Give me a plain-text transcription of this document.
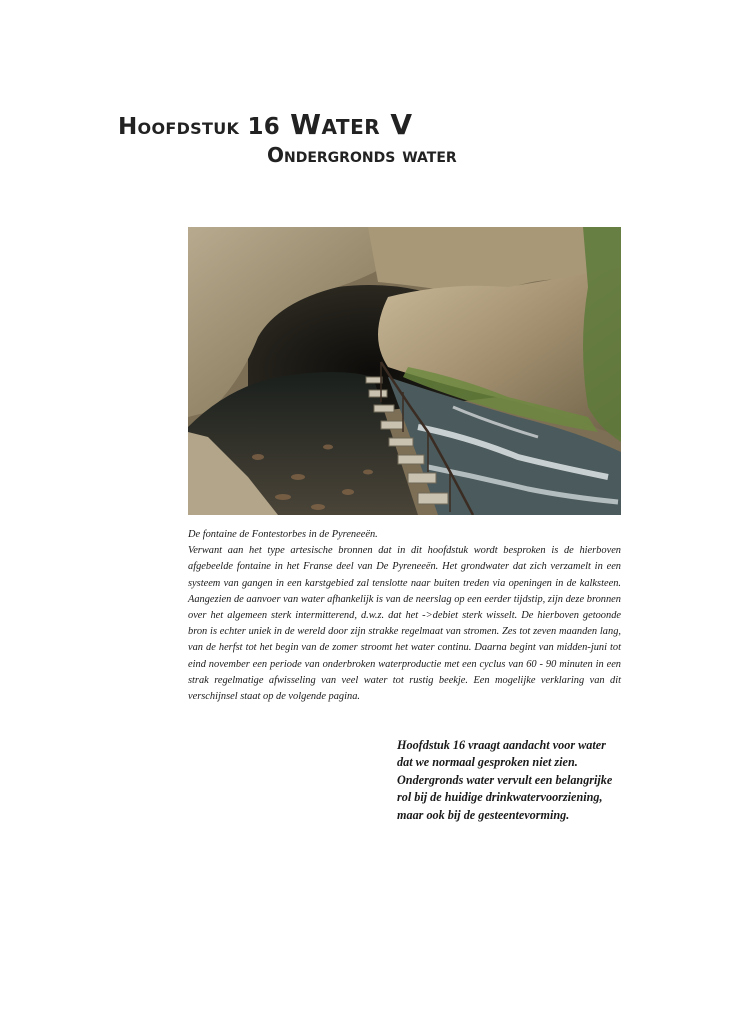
Hoofdstuk 16 Water V
Ondergronds water

De fontaine de Fontestorbes in de Pyreneeën.

Verwant aan het type artesische bronnen dat in dit hoofdstuk wordt besproken is de hierboven afgebeelde fontaine in het Franse deel van De Pyreneeën. Het grondwater dat zich verzamelt in een systeem van gangen in een karstgebied zal tenslotte naar buiten treden via openingen in de kalksteen. Aangezien de aanvoer van water afhankelijk is van de neerslag op een eerder tijdstip, zijn deze bronnen over het algemeen sterk intermitterend, d.w.z. dat het ->debiet sterk wisselt. De hierboven getoonde bron is echter uniek in de wereld door zijn strakke regelmaat van stromen. Zes tot zeven maanden lang, van de herfst tot het begin van de zomer stroomt het water continu. Daarna begint van midden-juni tot eind november een periode van onderbroken waterproductie met een cyclus van 60 - 90 minuten in een strak regelmatige afwisseling van veel water tot rustig beekje. Een mogelijke verklaring van dit verschijnsel staat op de volgende pagina.

Hoofdstuk 16 vraagt aandacht voor water dat we normaal gesproken niet zien. Ondergronds water vervult een belangrijke rol bij de huidige drinkwatervoorziening, maar ook bij de gesteentevorming.
